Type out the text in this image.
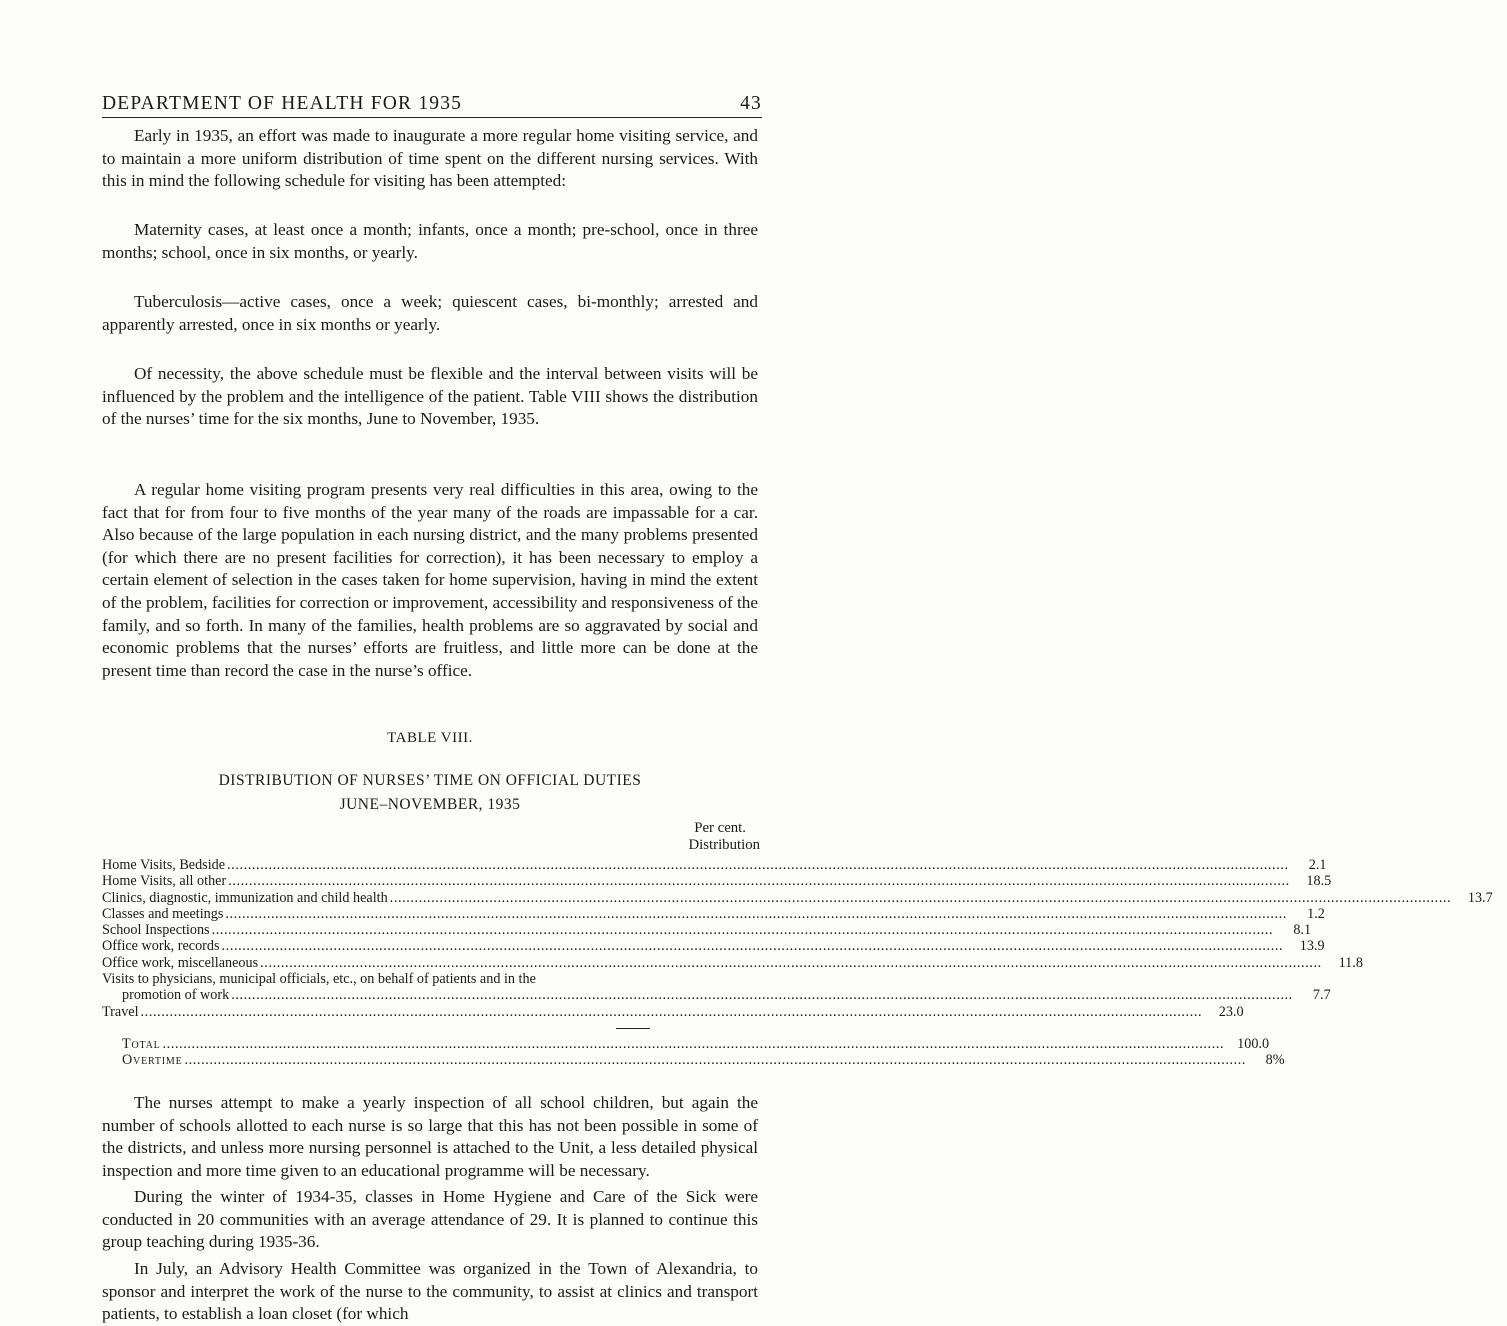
DEPARTMENT OF HEALTH FOR 1935	43

Early in 1935, an effort was made to inaugurate a more regular home visiting service, and to maintain a more uniform distribution of time spent on the different nursing services. With this in mind the following schedule for visiting has been attempted:

Maternity cases, at least once a month; infants, once a month; pre-school, once in three months; school, once in six months, or yearly.

Tuberculosis—active cases, once a week; quiescent cases, bi-monthly; arrested and apparently arrested, once in six months or yearly.

Of necessity, the above schedule must be flexible and the interval between visits will be influenced by the problem and the intelligence of the patient. Table VIII shows the distribution of the nurses’ time for the six months, June to November, 1935.

A regular home visiting program presents very real difficulties in this area, owing to the fact that for from four to five months of the year many of the roads are impassable for a car. Also because of the large population in each nursing district, and the many problems presented (for which there are no present facilities for correction), it has been necessary to employ a certain element of selection in the cases taken for home supervision, having in mind the extent of the problem, facilities for correction or improvement, accessibility and responsiveness of the family, and so forth. In many of the families, health problems are so aggravated by social and economic problems that the nurses’ efforts are fruitless, and little more can be done at the present time than record the case in the nurse’s office.

TABLE VIII.
DISTRIBUTION OF NURSES’ TIME ON OFFICIAL DUTIES
JUNE–NOVEMBER, 1935
Per cent.
Distribution
Home Visits, Bedside .....	2.1
Home Visits, all other .....	18.5
Clinics, diagnostic, immunization and child health .....	13.7
Classes and meetings .....	1.2
School Inspections .....	8.1
Office work, records .....	13.9
Office work, miscellaneous .....	11.8
Visits to physicians, municipal officials, etc., on behalf of patients and in the
promotion of work .....	7.7
Travel .....	23.0
Total .....	100.0
Overtime .....	8%

The nurses attempt to make a yearly inspection of all school children, but again the number of schools allotted to each nurse is so large that this has not been possible in some of the districts, and unless more nursing personnel is attached to the Unit, a less detailed physical inspection and more time given to an educational programme will be necessary.

During the winter of 1934-35, classes in Home Hygiene and Care of the Sick were conducted in 20 communities with an average attendance of 29. It is planned to continue this group teaching during 1935-36.

In July, an Advisory Health Committee was organized in the Town of Alexandria, to sponsor and interpret the work of the nurse to the community, to assist at clinics and transport patients, to establish a loan closet (for which
